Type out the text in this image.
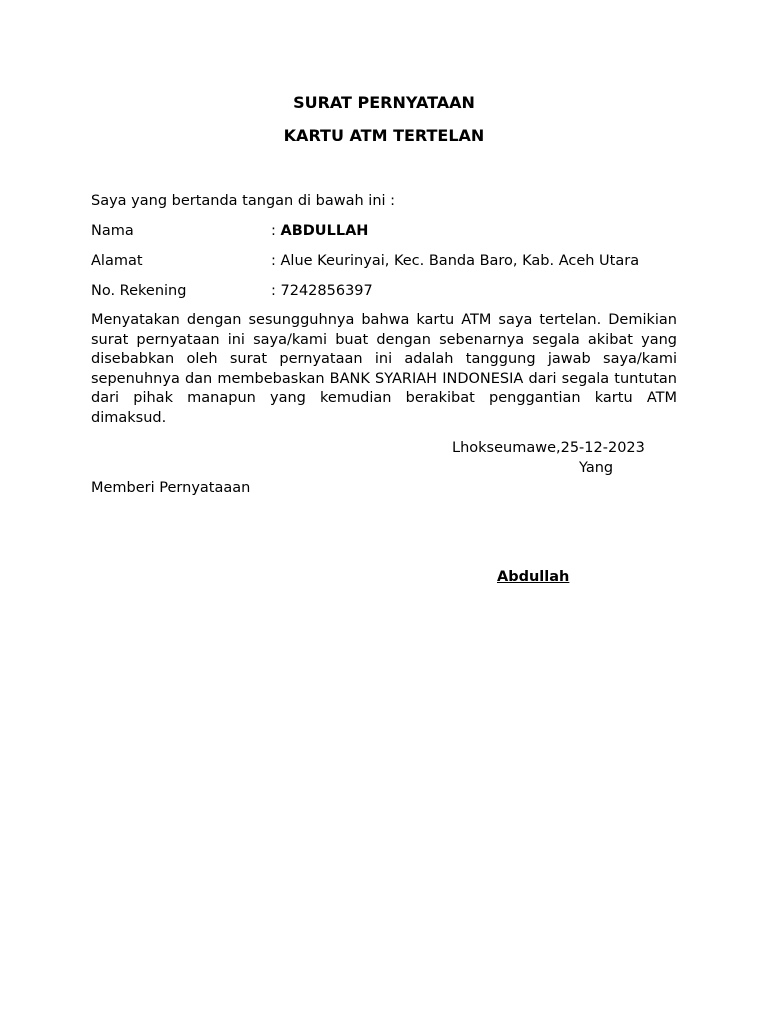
SURAT PERNYATAAN
KARTU ATM TERTELAN

Saya yang bertanda tangan di bawah ini :

Nama	: ABDULLAH
Alamat	: Alue Keurinyai, Kec. Banda Baro, Kab. Aceh Utara
No. Rekening	: 7242856397

Menyatakan dengan sesungguhnya bahwa kartu ATM saya tertelan. Demikian surat pernyataan ini saya/kami buat dengan sebenarnya segala akibat yang disebabkan oleh surat pernyataan ini adalah tanggung jawab saya/kami sepenuhnya dan membebaskan BANK SYARIAH INDONESIA dari segala tuntutan dari pihak manapun yang kemudian berakibat penggantian kartu ATM dimaksud.

Lhokseumawe,25-12-2023
Yang
Memberi Pernyataaan
Abdullah
